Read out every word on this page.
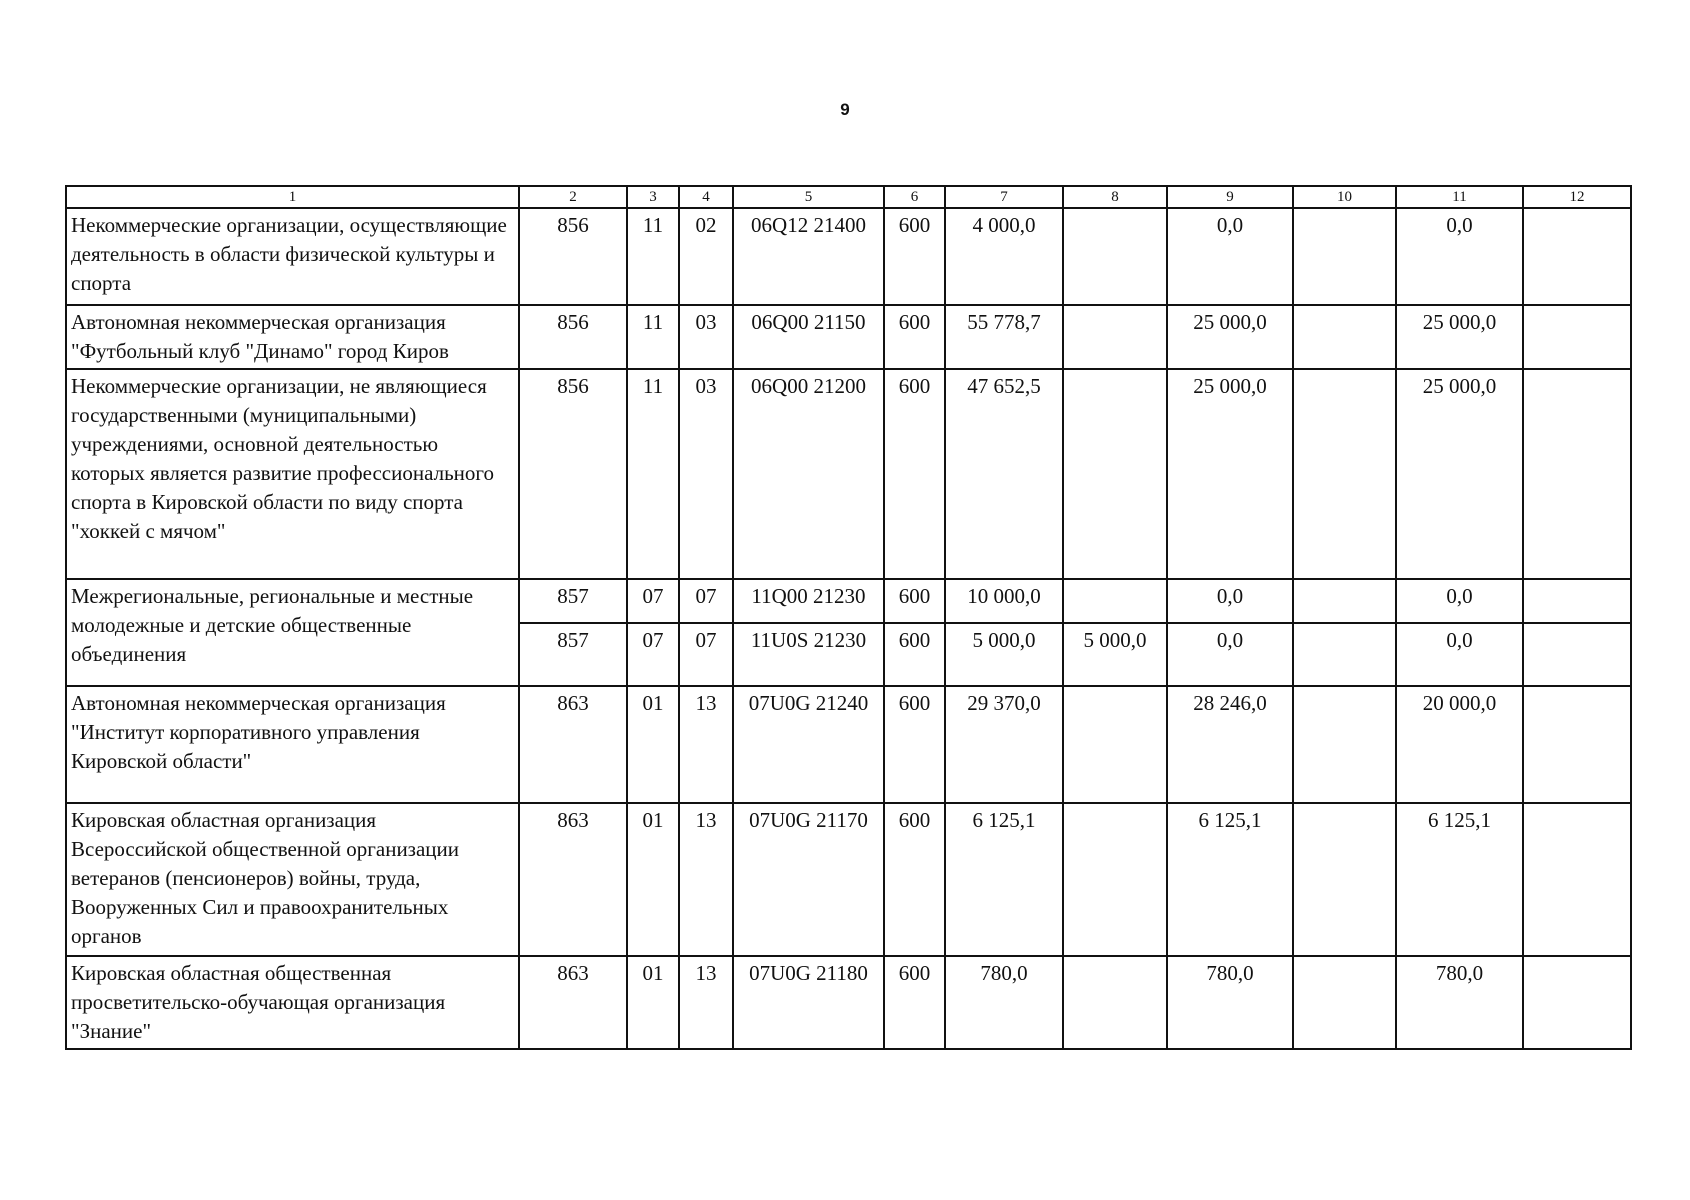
9
1	2	3	4	5	6	7	8	9	10	11	12
Некоммерческие организации, осуществляющие деятельность в области физической культуры и спорта	856	11	02	06Q12 21400	600	4 000,0		0,0		0,0	
Автономная некоммерческая организация "Футбольный клуб "Динамо" город Киров	856	11	03	06Q00 21150	600	55 778,7		25 000,0		25 000,0	
Некоммерческие организации, не являющиеся государственными (муниципальными) учреждениями, основной деятельностью которых является развитие профессионального спорта в Кировской области по виду спорта "хоккей с мячом"	856	11	03	06Q00 21200	600	47 652,5		25 000,0		25 000,0	
Межрегиональные, региональные и местные молодежные и детские общественные объединения	857	07	07	11Q00 21230	600	10 000,0		0,0		0,0	
	857	07	07	11U0S 21230	600	5 000,0	5 000,0	0,0		0,0	
Автономная некоммерческая организация "Институт корпоративного управления Кировской области"	863	01	13	07U0G 21240	600	29 370,0		28 246,0		20 000,0	
Кировская областная организация Всероссийской общественной организации ветеранов (пенсионеров) войны, труда, Вооруженных Сил и правоохранительных органов	863	01	13	07U0G 21170	600	6 125,1		6 125,1		6 125,1	
Кировская областная общественная просветительско-обучающая организация "Знание"	863	01	13	07U0G 21180	600	780,0		780,0		780,0	
